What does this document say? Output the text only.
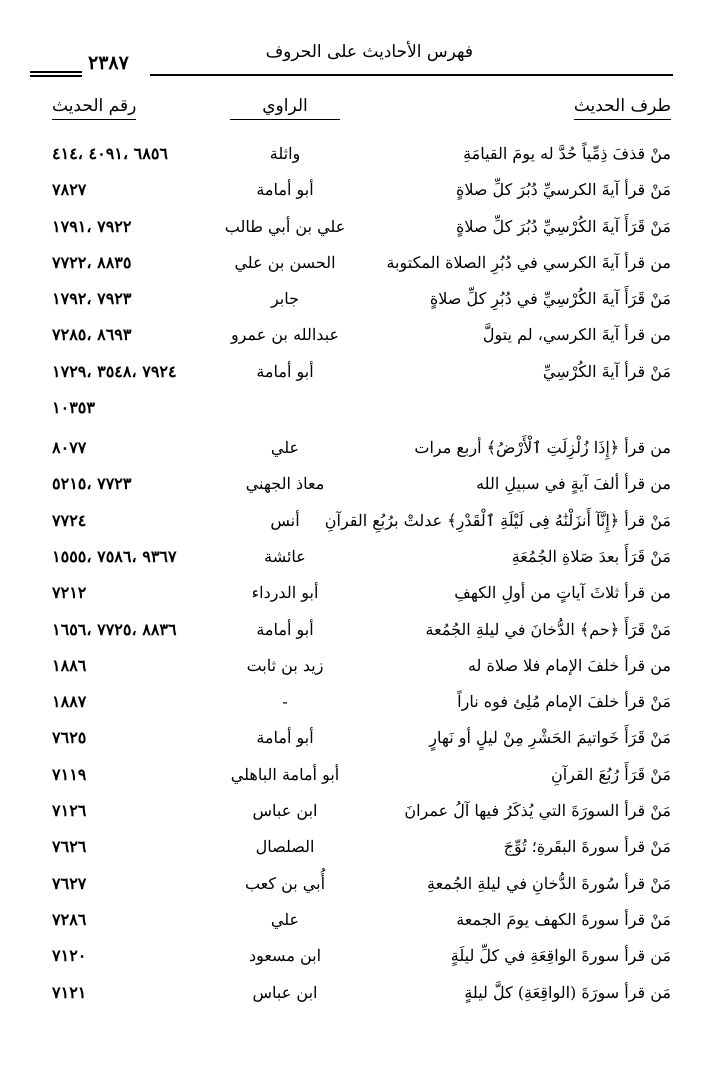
فهرس الأحاديث على الحروف
٢٣٨٧
طرف الحديث
الراوي
رقم الحديث
منْ قذفَ ذِمِّياً حُدَّ له يومَ القيامَةِ
واثلة
٦٨٥٦ ،٤٠٩١ ،٤١٤
مَنْ قرأ آيةَ الكرسيِّ دُبُرَ كلِّ صلاةٍ
أبو أمامة
٧٨٢٧
مَنْ قَرَأَ آيةَ الكُرْسِيِّ دُبُرَ كلِّ صلاةٍ
علي بن أبي طالب
٧٩٢٢ ،١٧٩١
من قرأ آيةَ الكرسي في دُبُرِ الصلاة المكتوبة
الحسن بن علي
٨٨٣٥ ،٧٧٢٢
مَنْ قَرَأَ آيةَ الكُرْسِيِّ في دُبُرِ كلِّ صلاةٍ
جابر
٧٩٢٣ ،١٧٩٢
من قرأ آيةَ الكرسي، لم يتولَّ
عبدالله بن عمرو
٨٦٩٣ ،٧٢٨٥
مَنْ قرأ آيةَ الكُرْسِيِّ
أبو أمامة
٧٩٢٤ ،٣٥٤٨ ،١٧٢٩
١٠٣٥٣
من قرأ ﴿إِذَا زُلْزِلَتِ ٱلْأَرْضُ﴾ أربع مرات
علي
٨٠٧٧
من قرأ ألفَ آيةٍ في سبيلِ الله
معاذ الجهني
٧٧٢٣ ،٥٢١٥
مَنْ قرأ ﴿إِنَّآ أَنزَلْنَٰهُ فِى لَيْلَةِ ٱلْقَدْرِ﴾ عدلتْ برُبُعِ القرآنِ
أنس
٧٧٢٤
مَنْ قَرَأَ بعدَ صَلاةِ الجُمُعَةِ
عائشة
٩٣٦٧ ،٧٥٨٦ ،١٥٥٥
من قرأ ثلاثَ آياتٍ من أولِ الكهفِ
أبو الدرداء
٧٢١٢
مَنْ قَرَأَ ﴿حم﴾ الدُّخانَ في ليلةِ الجُمُعة
أبو أمامة
٨٨٣٦ ،٧٧٢٥ ،١٦٥٦
من قرأ خلفَ الإمام فلا صلاة له
زيد بن ثابت
١٨٨٦
مَنْ قرأ خلفَ الإمام مُلِئ فوه ناراً
-
١٨٨٧
مَنْ قَرَأَ خَواتيمَ الحَشْرِ مِنْ ليلٍ أو نَهارٍ
أبو أمامة
٧٦٢٥
مَنْ قَرَأَ رُبُعَ القرآنِ
أبو أمامة الباهلي
٧١١٩
مَنْ قرأ السورَةَ التي يُذكَرُ فيها آلُ عمرانَ
ابن عباس
٧١٢٦
مَنْ قرأ سورةَ البقَرةِ؛ تُوِّجَ
الصلصال
٧٦٢٦
مَنْ قرأ سُورةَ الدُّخانِ في ليلةِ الجُمعةِ
أُبي بن كعب
٧٦٢٧
مَنْ قرأ سورةَ الكهف يومَ الجمعة
علي
٧٢٨٦
مَن قرأ سورةَ الواقِعَةِ في كلِّ ليلَةٍ
ابن مسعود
٧١٢٠
مَن قرأ سورَةَ (الواقِعَةِ) كلَّ ليلةٍ
ابن عباس
٧١٢١
